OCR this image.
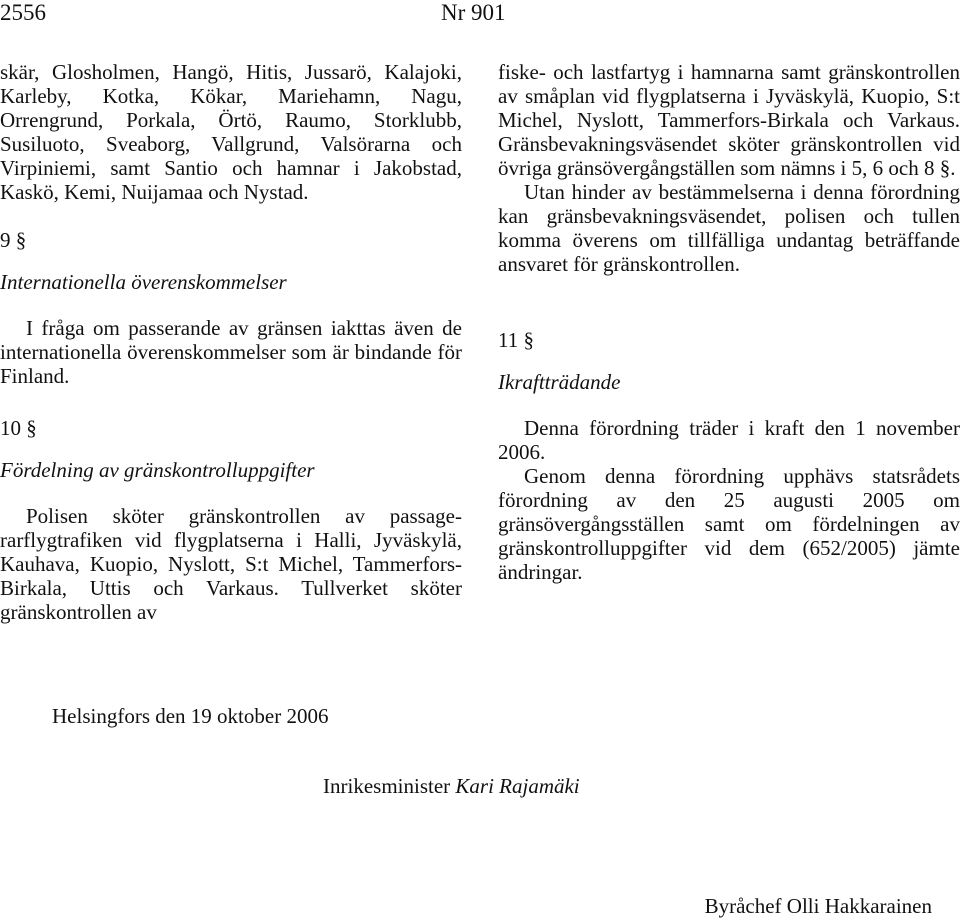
2556	Nr 901

skär, Glosholmen, Hangö, Hitis, Jussarö, Kalajoki, Karleby, Kotka, Kökar, Mariehamn, Nagu, Orrengrund, Porkala, Örtö, Raumo, Storklubb, Susiluoto, Sveaborg, Vallgrund, Valsörarna och Virpiniemi, samt Santio och hamnar i Jakobstad, Kaskö, Kemi, Nuijamaa och Nystad.

9 §

Internationella överenskommelser

I fråga om passerande av gränsen iakttas även de internationella överenskommelser som är bindande för Finland.

10 §

Fördelning av gränskontrolluppgifter

Polisen sköter gränskontrollen av passagerarflygtrafiken vid flygplatserna i Halli, Jyväskylä, Kauhava, Kuopio, Nyslott, S:t Michel, Tammerfors-Birkala, Uttis och Varkaus. Tullverket sköter gränskontrollen av

fiske- och lastfartyg i hamnarna samt gränskontrollen av småplan vid flygplatserna i Jyväskylä, Kuopio, S:t Michel, Nyslott, Tammerfors-Birkala och Varkaus. Gränsbevakningsväsendet sköter gränskontrollen vid övriga gränsövergångställen som nämns i 5, 6 och 8 §.

Utan hinder av bestämmelserna i denna förordning kan gränsbevakningsväsendet, polisen och tullen komma överens om tillfälliga undantag beträffande ansvaret för gränskontrollen.

11 §

Ikraftträdande

Denna förordning träder i kraft den 1 november 2006.

Genom denna förordning upphävs statsrådets förordning av den 25 augusti 2005 om gränsövergångsställen samt om fördelningen av gränskontrolluppgifter vid dem (652/2005) jämte ändringar.

Helsingfors den 19 oktober 2006
Inrikesminister Kari Rajamäki
Byråchef Olli Hakkarainen
